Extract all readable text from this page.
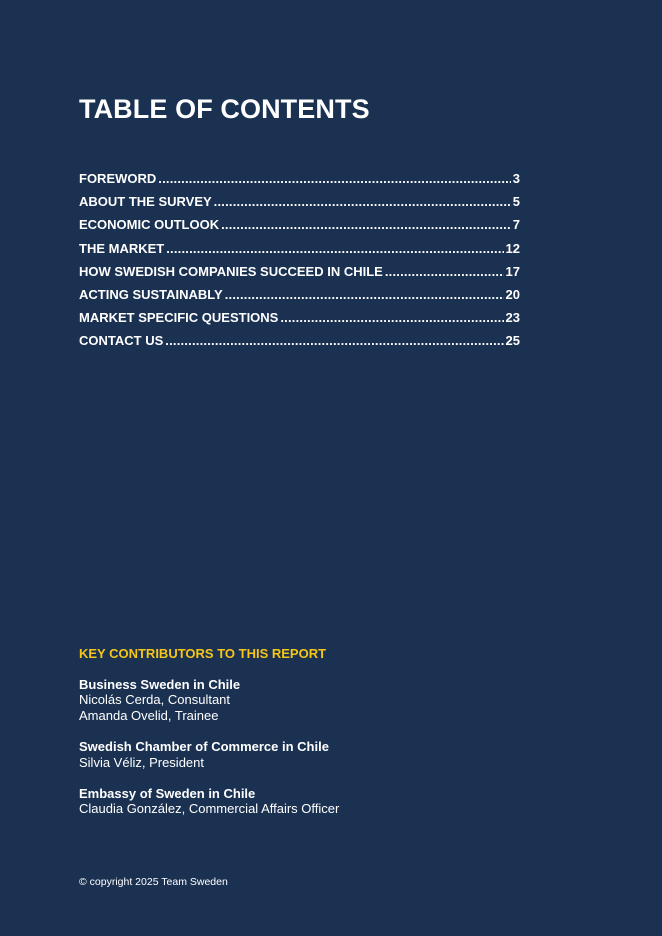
TABLE OF CONTENTS
FOREWORD .....	3
ABOUT THE SURVEY .....	5
ECONOMIC OUTLOOK .....	7
THE MARKET .....	12
HOW SWEDISH COMPANIES SUCCEED IN CHILE .....	17
ACTING SUSTAINABLY .....	20
MARKET SPECIFIC QUESTIONS .....	23
CONTACT US .....	25
KEY CONTRIBUTORS TO THIS REPORT
Business Sweden in Chile
Nicolás Cerda, Consultant
Amanda Ovelid, Trainee
Swedish Chamber of Commerce in Chile
Silvia Véliz, President
Embassy of Sweden in Chile
Claudia González, Commercial Affairs Officer
© copyright 2025 Team Sweden
